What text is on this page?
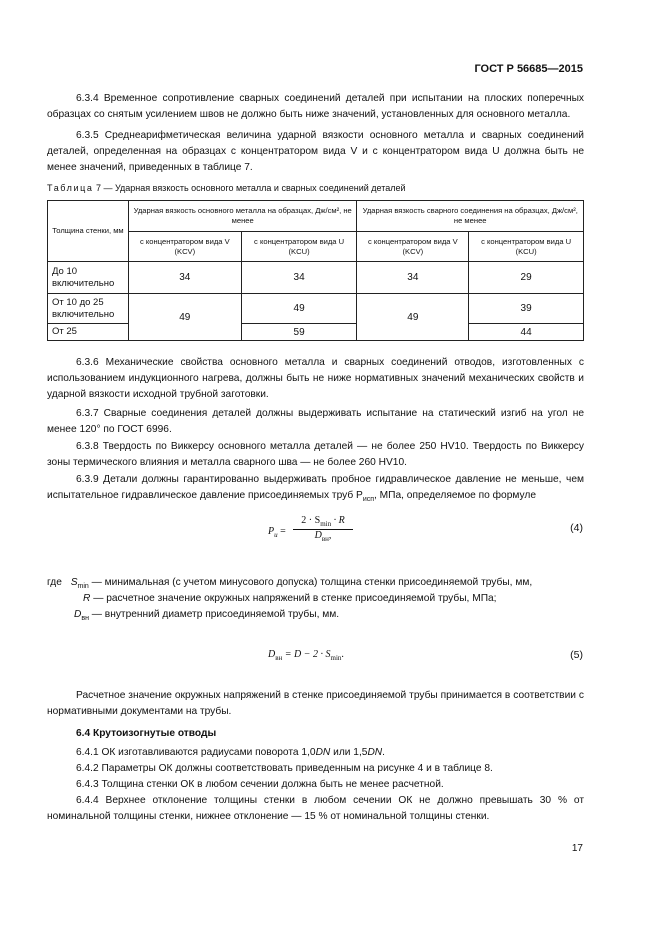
ГОСТ Р 56685—2015
6.3.4 Временное сопротивление сварных соединений деталей при испытании на плоских поперечных образцах со снятым усилением швов не должно быть ниже значений, установленных для основного металла.
6.3.5 Среднеарифметическая величина ударной вязкости основного металла и сварных соединений деталей, определенная на образцах с концентратором вида V и с концентратором вида U должна быть не менее значений, приведенных в таблице 7.
Таблица 7 — Ударная вязкость основного металла и сварных соединений деталей
Толщина стенки, мм	Ударная вязкость основного металла на образцах, Дж/см², не менее		Ударная вязкость сварного соединения на образцах, Дж/см², не менее	
	с концентратором вида V (KCV)	с концентратором вида U (KCU)	с концентратором вида V (KCV)	с концентратором вида U (KCU)
До 10 включительно	34	34	34	29
От 10 до 25 включительно	49	49	49	39
От 25		59		44
6.3.6 Механические свойства основного металла и сварных соединений отводов, изготовленных с использованием индукционного нагрева, должны быть не ниже нормативных значений механических свойств и ударной вязкости исходной трубной заготовки.
6.3.7 Сварные соединения деталей должны выдерживать испытание на статический изгиб на угол не менее 120° по ГОСТ 6996.
6.3.8 Твердость по Виккерсу основного металла деталей — не более 250 HV10. Твердость по Виккерсу зоны термического влияния и металла сварного шва — не более 260 HV10.
6.3.9 Детали должны гарантированно выдерживать пробное гидравлическое давление не меньше, чем испытательное гидравлическое давление присоединяемых труб $P_{исп}$, МПа, определяемое по формуле
$P_и$ =
$2 \cdot S_{min} \cdot R$
$D_{вн}$,
(4)
где $S_{min}$ — минимальная (с учетом минусового допуска) толщина стенки присоединяемой трубы, мм,
R — расчетное значение окружных напряжений в стенке присоединяемой трубы, МПа;
$D_{вн}$ — внутренний диаметр присоединяемой трубы, мм.
$D_{вн} = D - 2 \cdot S_{min}$.	(5)
Расчетное значение окружных напряжений в стенке присоединяемой трубы принимается в соответствии с нормативными документами на трубы.
6.4 Крутоизогнутые отводы
6.4.1 ОК изготавливаются радиусами поворота 1,0DN или 1,5DN.
6.4.2 Параметры ОК должны соответствовать приведенным на рисунке 4 и в таблице 8.
6.4.3 Толщина стенки ОК в любом сечении должна быть не менее расчетной.
6.4.4 Верхнее отклонение толщины стенки в любом сечении ОК не должно превышать 30 % от номинальной толщины стенки, нижнее отклонение — 15 % от номинальной толщины стенки.
17
